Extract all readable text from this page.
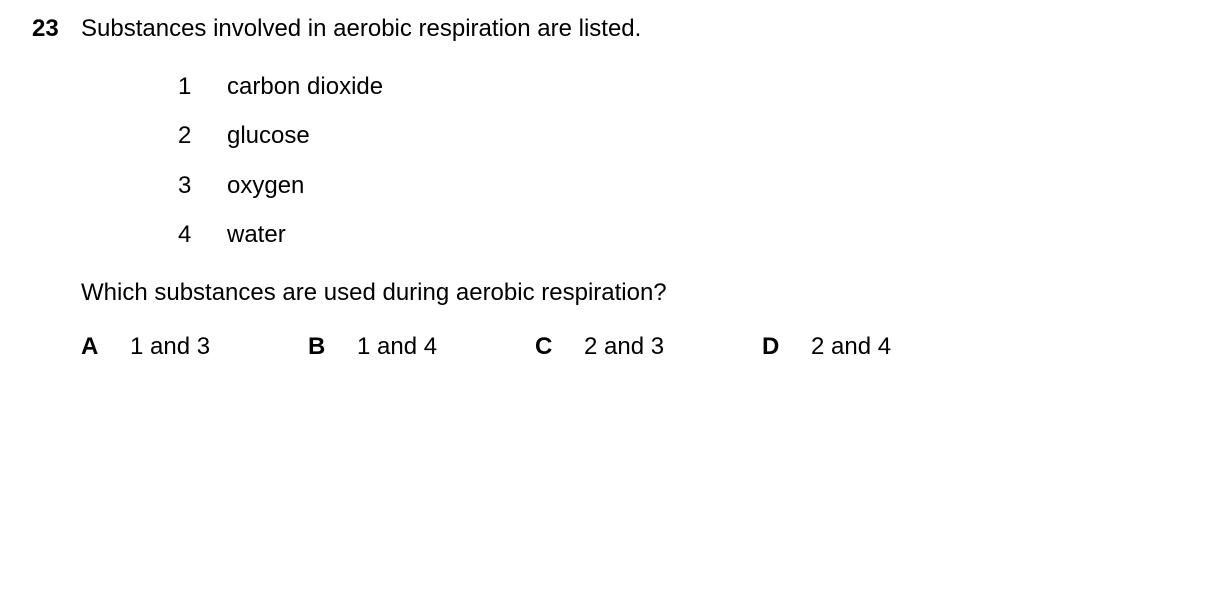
23 Substances involved in aerobic respiration are listed.
1 carbon dioxide
2 glucose
3 oxygen
4 water
Which substances are used during aerobic respiration?
A 1 and 3	B 1 and 4	C 2 and 3	D 2 and 4
